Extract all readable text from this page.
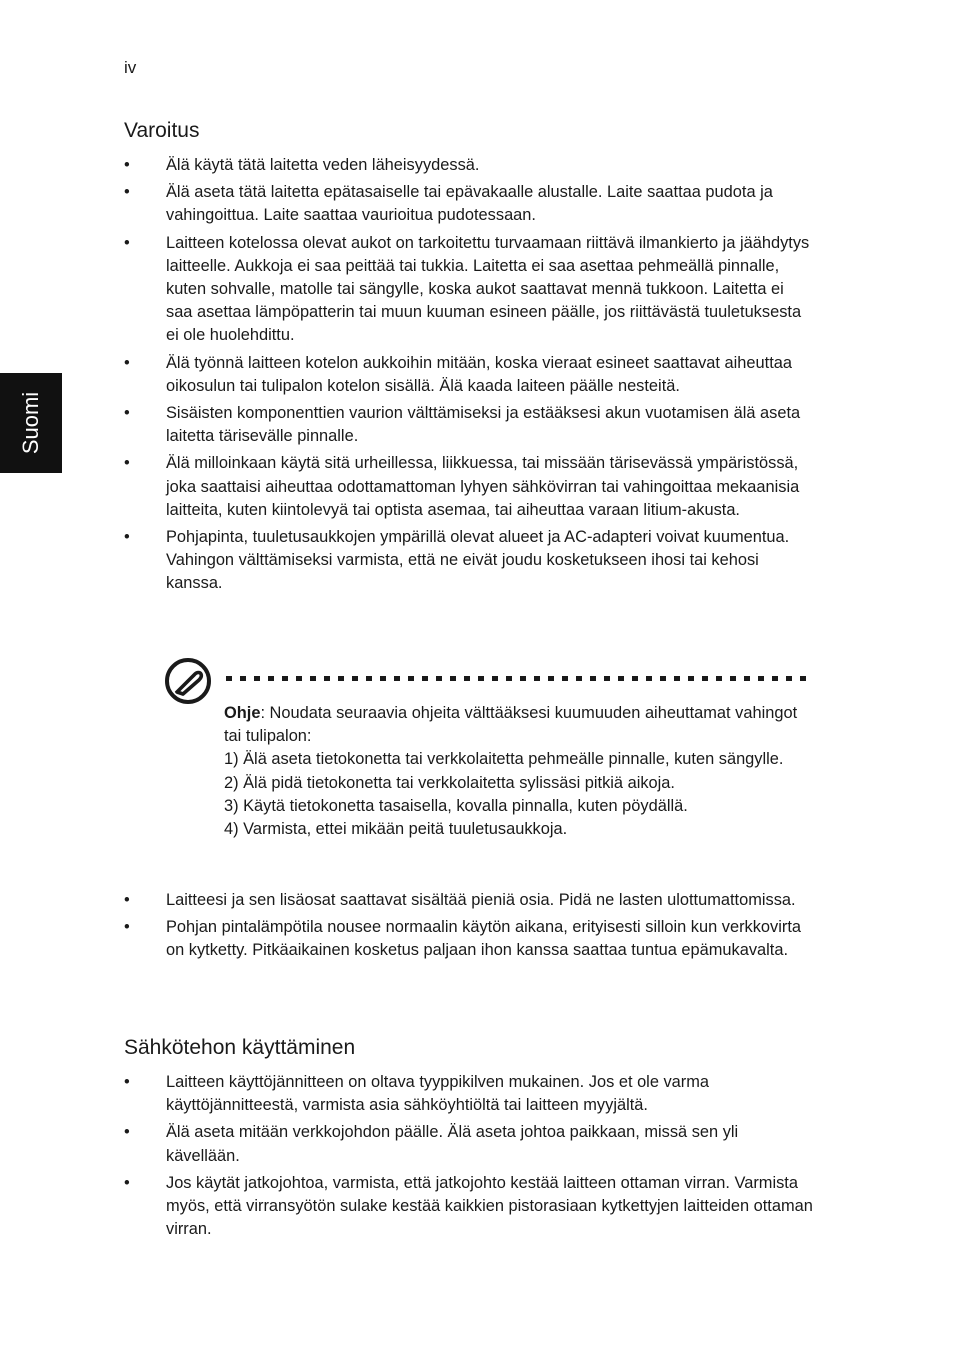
iv
Suomi
Varoitus
• Älä käytä tätä laitetta veden läheisyydessä.
• Älä aseta tätä laitetta epätasaiselle tai epävakaalle alustalle. Laite saattaa pudota ja vahingoittua. Laite saattaa vaurioitua pudotessaan.
• Laitteen kotelossa olevat aukot on tarkoitettu turvaamaan riittävä ilmankierto ja jäähdytys laitteelle. Aukkoja ei saa peittää tai tukkia. Laitetta ei saa asettaa pehmeällä pinnalle, kuten sohvalle, matolle tai sängylle, koska aukot saattavat mennä tukkoon. Laitetta ei saa asettaa lämpöpatterin tai muun kuuman esineen päälle, jos riittävästä tuuletuksesta ei ole huolehdittu.
• Älä työnnä laitteen kotelon aukkoihin mitään, koska vieraat esineet saattavat aiheuttaa oikosulun tai tulipalon kotelon sisällä. Älä kaada laiteen päälle nesteitä.
• Sisäisten komponenttien vaurion välttämiseksi ja estääksesi akun vuotamisen älä aseta laitetta tärisevälle pinnalle.
• Älä milloinkaan käytä sitä urheillessa, liikkuessa, tai missään tärisevässä ympäristössä, joka saattaisi aiheuttaa odottamattoman lyhyen sähkövirran tai vahingoittaa mekaanisia laitteita, kuten kiintolevyä tai optista asemaa, tai aiheuttaa varaan litium-akusta.
• Pohjapinta, tuuletusaukkojen ympärillä olevat alueet ja AC-adapteri voivat kuumentua. Vahingon välttämiseksi varmista, että ne eivät joudu kosketukseen ihosi tai kehosi kanssa.
Ohje: Noudata seuraavia ohjeita välttääksesi kuumuuden aiheuttamat vahingot tai tulipalon:
1) Älä aseta tietokonetta tai verkkolaitetta pehmeälle pinnalle, kuten sängylle.
2) Älä pidä tietokonetta tai verkkolaitetta sylissäsi pitkiä aikoja.
3) Käytä tietokonetta tasaisella, kovalla pinnalla, kuten pöydällä.
4) Varmista, ettei mikään peitä tuuletusaukkoja.
• Laitteesi ja sen lisäosat saattavat sisältää pieniä osia. Pidä ne lasten ulottumattomissa.
• Pohjan pintalämpötila nousee normaalin käytön aikana, erityisesti silloin kun verkkovirta on kytketty. Pitkäaikainen kosketus paljaan ihon kanssa saattaa tuntua epämukavalta.
Sähkötehon käyttäminen
• Laitteen käyttöjännitteen on oltava tyyppikilven mukainen. Jos et ole varma käyttöjännitteestä, varmista asia sähköyhtiöltä tai laitteen myyjältä.
• Älä aseta mitään verkkojohdon päälle. Älä aseta johtoa paikkaan, missä sen yli kävellään.
• Jos käytät jatkojohtoa, varmista, että jatkojohto kestää laitteen ottaman virran. Varmista myös, että virransyötön sulake kestää kaikkien pistorasiaan kytkettyjen laitteiden ottaman virran.
